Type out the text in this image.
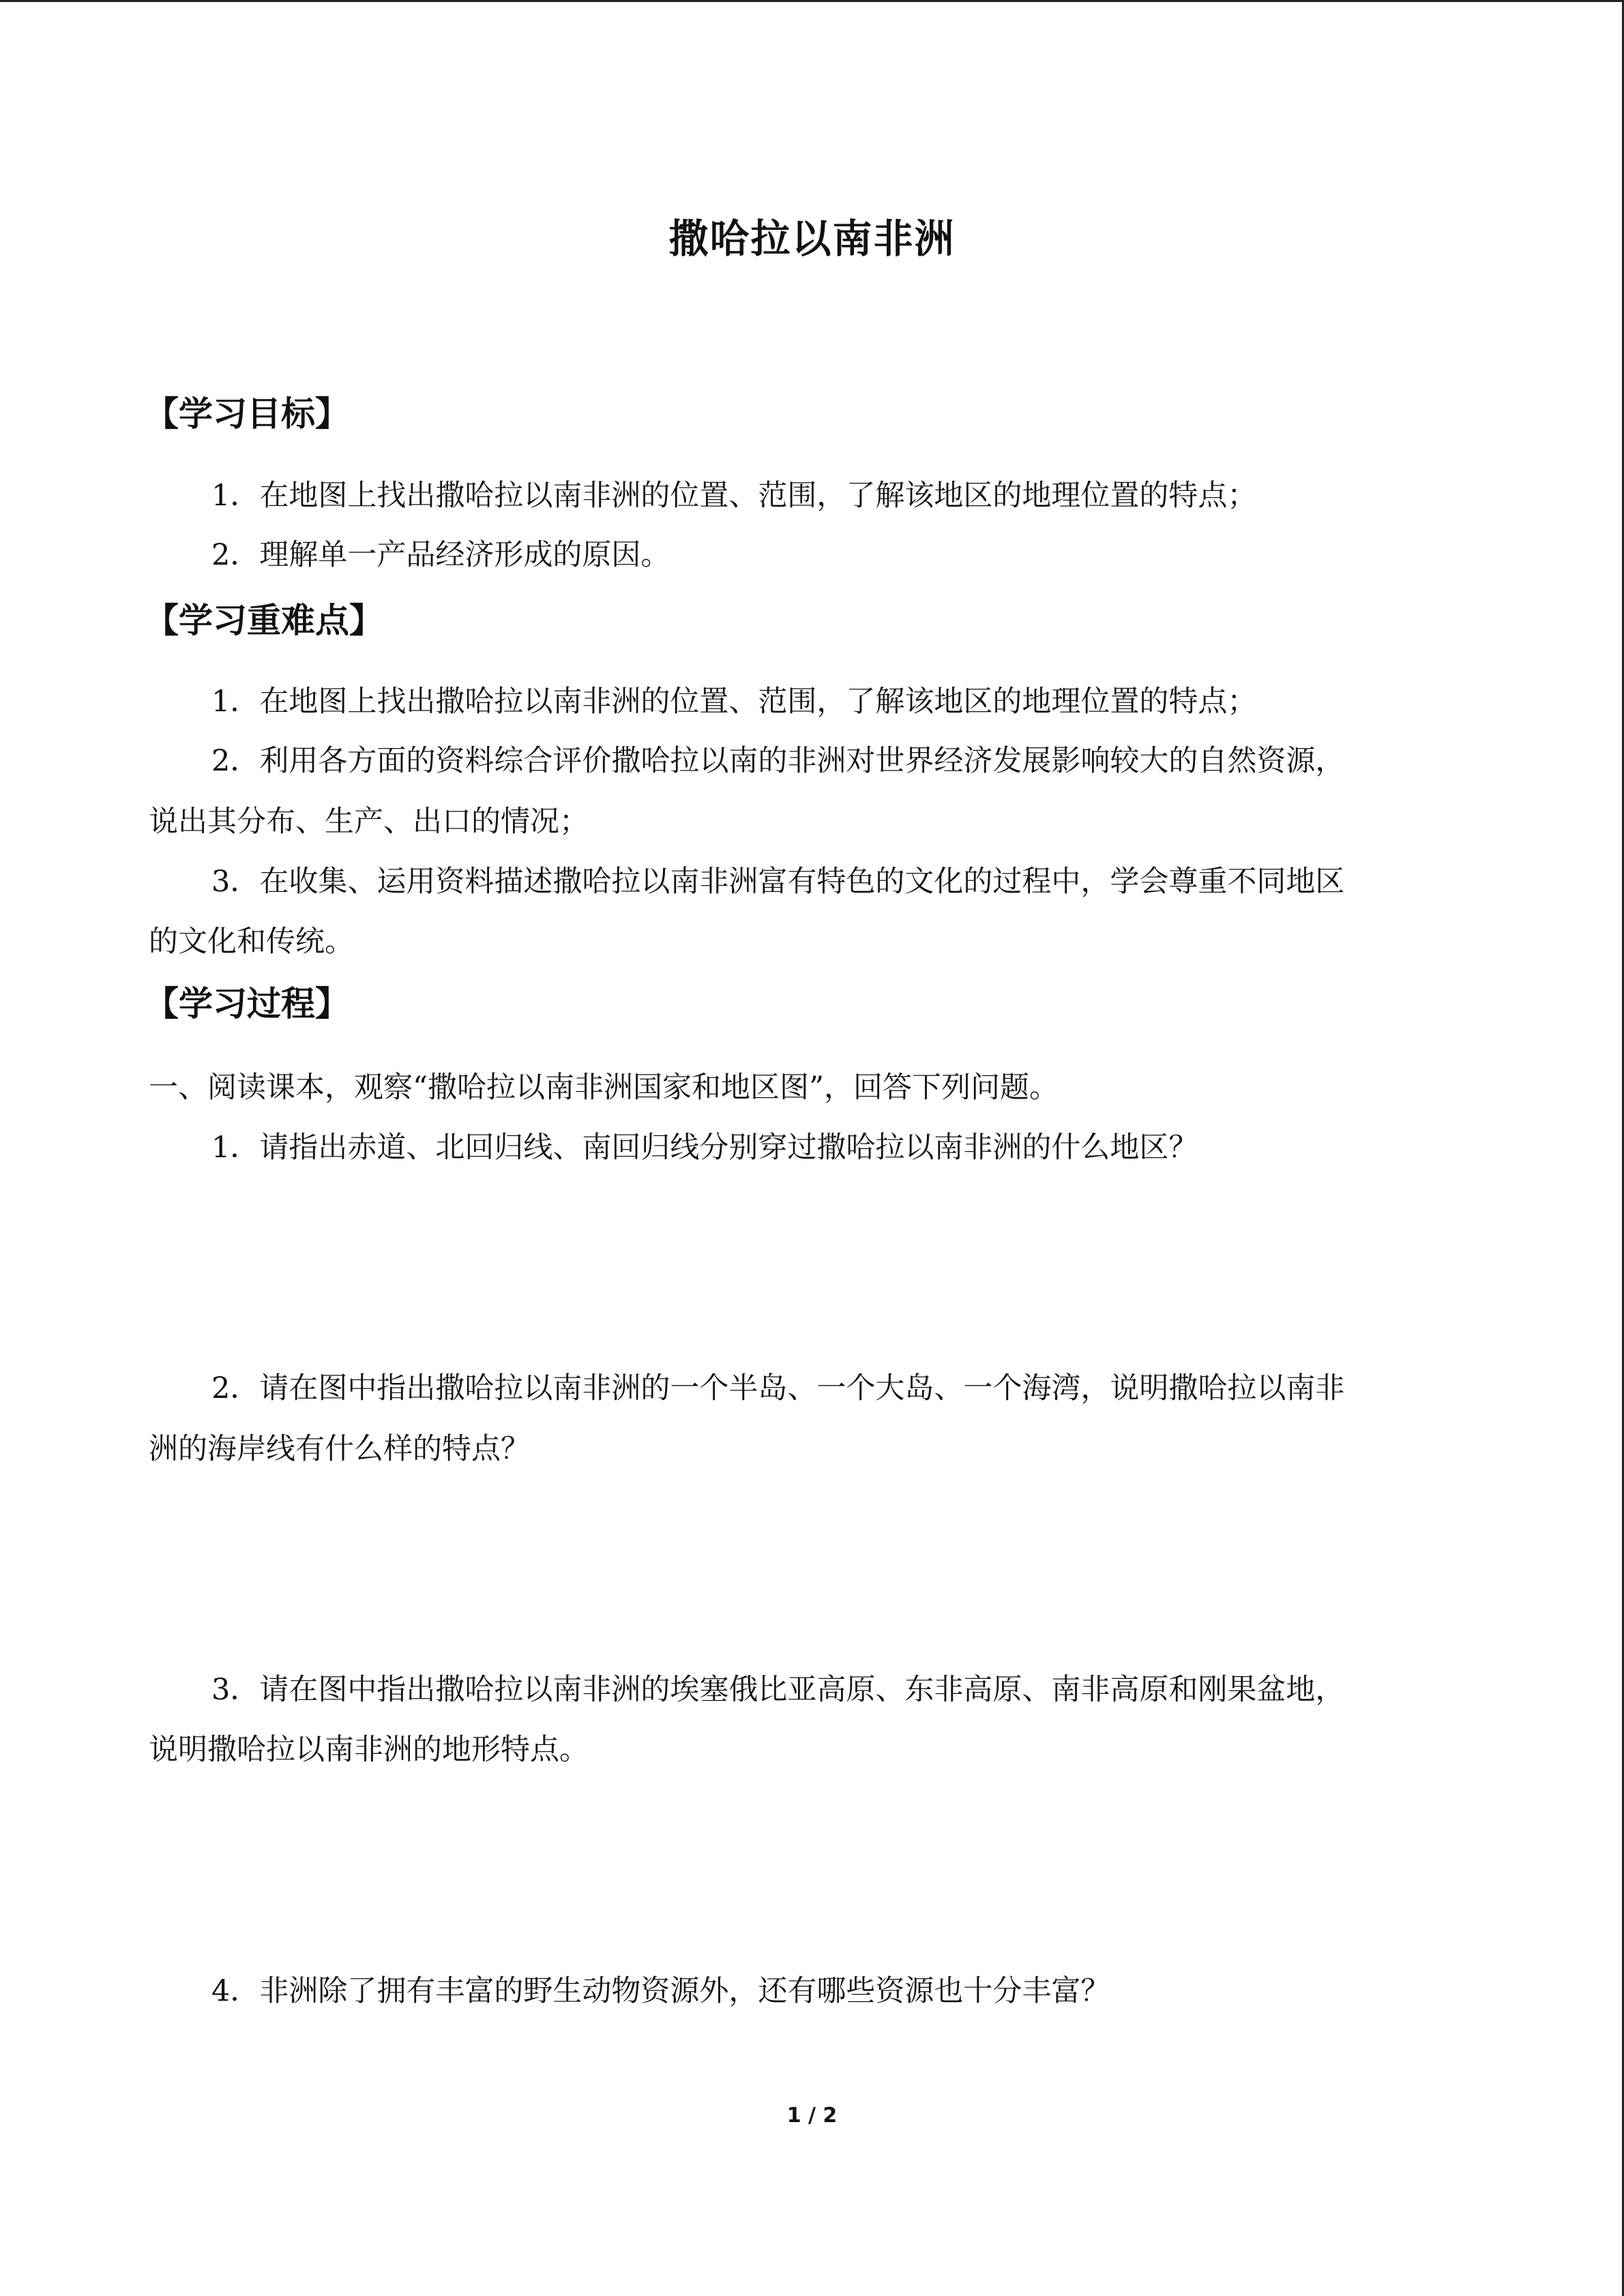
撒哈拉以南非洲
【学习目标】
1．在地图上找出撒哈拉以南非洲的位置、范围，了解该地区的地理位置的特点；
2．理解单一产品经济形成的原因。
【学习重难点】
1．在地图上找出撒哈拉以南非洲的位置、范围，了解该地区的地理位置的特点；
2．利用各方面的资料综合评价撒哈拉以南的非洲对世界经济发展影响较大的自然资源，
说出其分布、生产、出口的情况；
3．在收集、运用资料描述撒哈拉以南非洲富有特色的文化的过程中，学会尊重不同地区
的文化和传统。
【学习过程】
一、阅读课本，观察“撒哈拉以南非洲国家和地区图”，回答下列问题。
1．请指出赤道、北回归线、南回归线分别穿过撒哈拉以南非洲的什么地区？
2．请在图中指出撒哈拉以南非洲的一个半岛、一个大岛、一个海湾，说明撒哈拉以南非
洲的海岸线有什么样的特点？
3．请在图中指出撒哈拉以南非洲的埃塞俄比亚高原、东非高原、南非高原和刚果盆地，
说明撒哈拉以南非洲的地形特点。
4．非洲除了拥有丰富的野生动物资源外，还有哪些资源也十分丰富？
1 / 2
